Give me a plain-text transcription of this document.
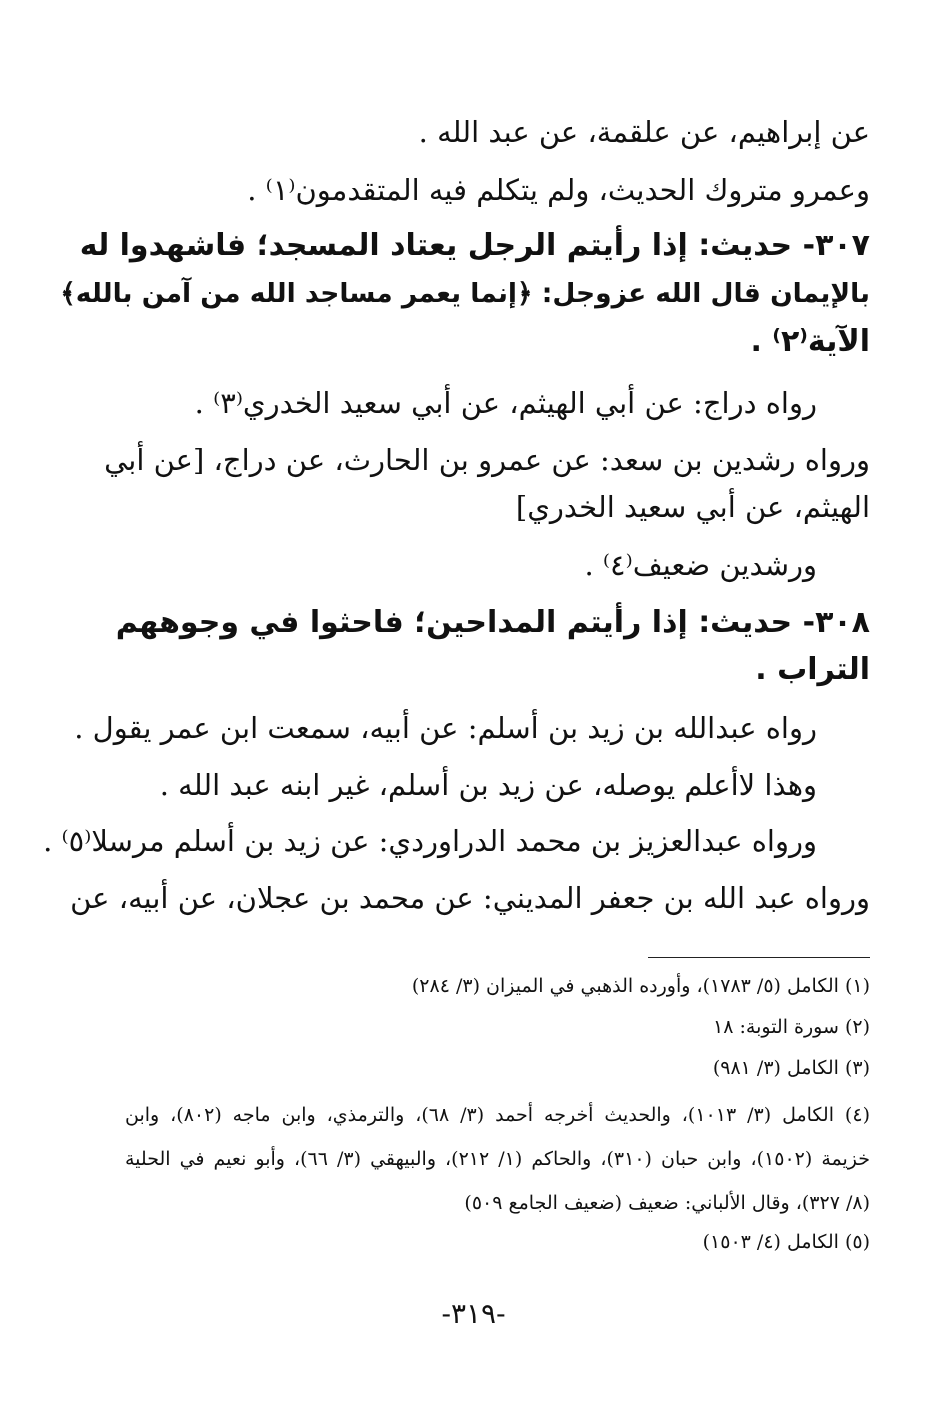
عن إبراهيم، عن علقمة، عن عبد الله .
وعمرو متروك الحديث، ولم يتكلم فيه المتقدمون⁽١⁾ .
٣٠٧- حديث: إذا رأيتم الرجل يعتاد المسجد؛ فاشهدوا له
بالإيمان قال الله عزوجل: ﴿إنما يعمر مساجد الله من آمن بالله﴾
الآية⁽٢⁾ .
رواه دراج: عن أبي الهيثم، عن أبي سعيد الخدري⁽٣⁾ .
ورواه رشدين بن سعد: عن عمرو بن الحارث، عن دراج، [عن أبي
الهيثم، عن أبي سعيد الخدري]
ورشدين ضعيف⁽٤⁾ .
٣٠٨- حديث: إذا رأيتم المداحين؛ فاحثوا في وجوههم
التراب .
رواه عبدالله بن زيد بن أسلم: عن أبيه، سمعت ابن عمر يقول .
وهذا لاأعلم يوصله، عن زيد بن أسلم، غير ابنه عبد الله .
ورواه عبدالعزيز بن محمد الدراوردي: عن زيد بن أسلم مرسلا⁽٥⁾ .
ورواه عبد الله بن جعفر المديني: عن محمد بن عجلان، عن أبيه، عن
(١) الكامل (٥/ ١٧٨٣)، وأورده الذهبي في الميزان (٣/ ٢٨٤)
(٢) سورة التوبة: ١٨
(٣) الكامل (٣/ ٩٨١)
(٤) الكامل (٣/ ١٠١٣)، والحديث أخرجه أحمد (٣/ ٦٨)، والترمذي، وابن ماجه (٨٠٢)، وابن
خزيمة (١٥٠٢)، وابن حبان (٣١٠)، والحاكم (١/ ٢١٢)، والبيهقي (٣/ ٦٦)، وأبو نعيم في الحلية
(٨/ ٣٢٧)، وقال الألباني: ضعيف (ضعيف الجامع ٥٠٩)
(٥) الكامل (٤/ ١٥٠٣)
-٣١٩-
